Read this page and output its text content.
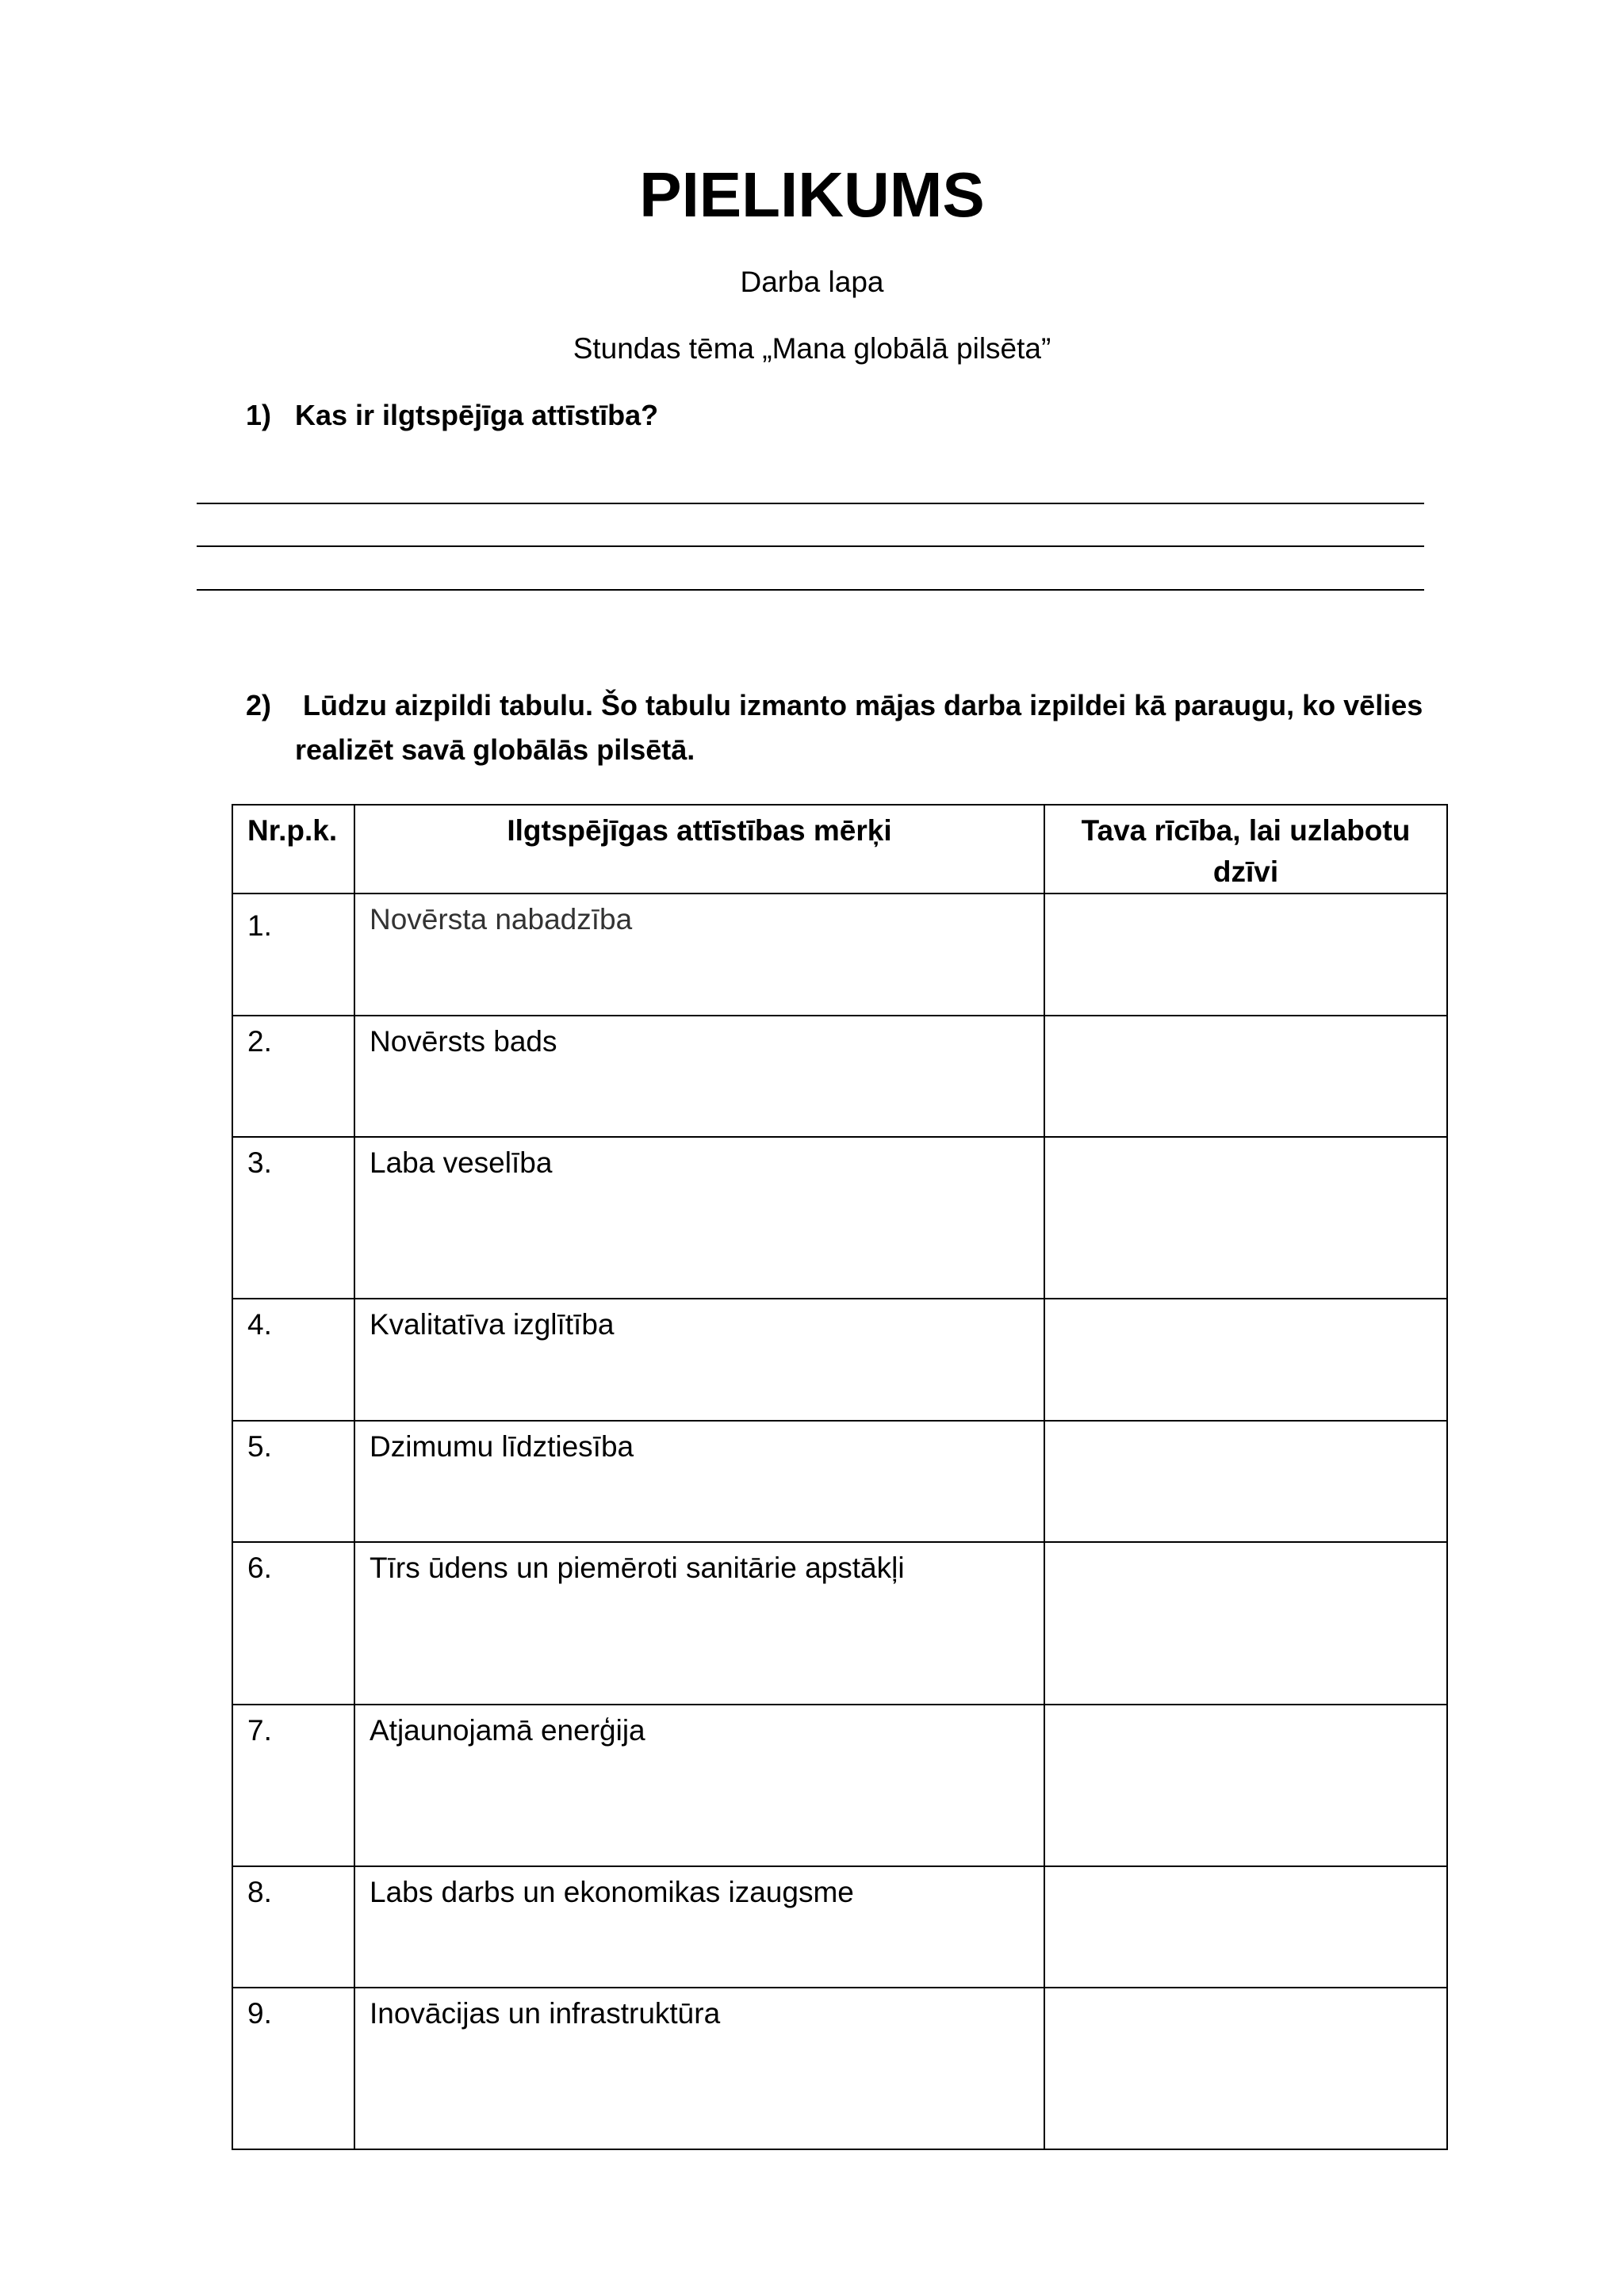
PIELIKUMS

Darba lapa

Stundas tēma „Mana globālā pilsēta”

1) Kas ir ilgtspējīga attīstība?
2) Lūdzu aizpildi tabulu. Šo tabulu izmanto mājas darba izpildei kā paraugu, ko vēlies realizēt savā globālās pilsētā.
Nr.p.k.	Ilgtspējīgas attīstības mērķi	Tava rīcība, lai uzlabotu dzīvi
1.	Novērsta nabadzība	
2.	Novērsts bads	
3.	Laba veselība	
4.	Kvalitatīva izglītība	
5.	Dzimumu līdztiesība	
6.	Tīrs ūdens un piemēroti sanitārie apstākļi	
7.	Atjaunojamā enerģija	
8.	Labs darbs un ekonomikas izaugsme	
9.	Inovācijas un infrastruktūra	
